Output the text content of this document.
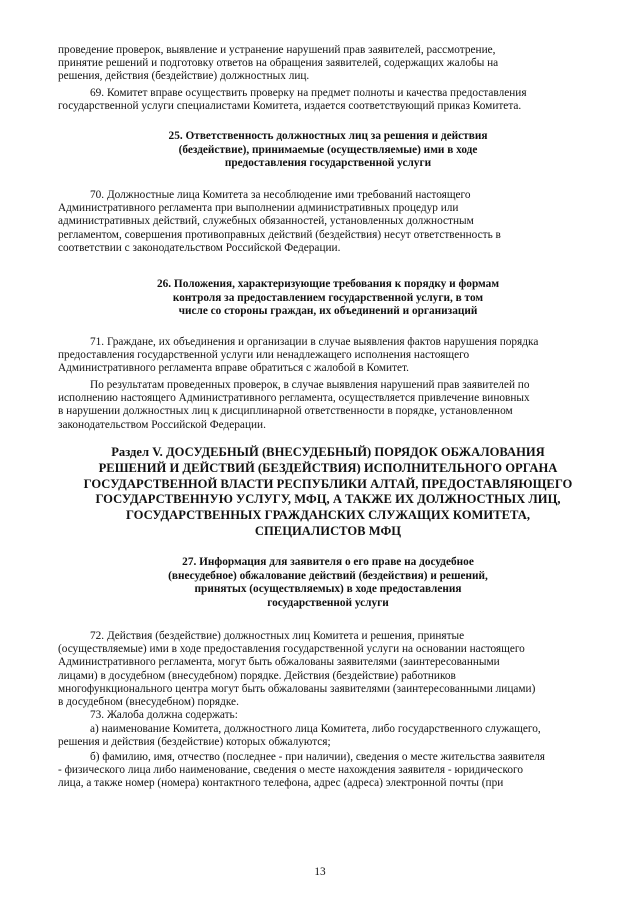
проведение проверок, выявление и устранение нарушений прав заявителей, рассмотрение,

принятие решений и подготовку ответов на обращения заявителей, содержащих жалобы на

решения, действия (бездействие) должностных лиц.

69. Комитет вправе осуществить проверку на предмет полноты и качества предоставления

государственной услуги специалистами Комитета, издается соответствующий приказ Комитета.

25. Ответственность должностных лиц за решения и действия
(бездействие), принимаемые (осуществляемые) ими в ходе
предоставления государственной услуги

70. Должностные лица Комитета за несоблюдение ими требований настоящего

Административного регламента при выполнении административных процедур или

административных действий, служебных обязанностей, установленных должностным

регламентом, совершения противоправных действий (бездействия) несут ответственность в

соответствии с законодательством Российской Федерации.

26. Положения, характеризующие требования к порядку и формам
контроля за предоставлением государственной услуги, в том
числе со стороны граждан, их объединений и организаций

71. Граждане, их объединения и организации в случае выявления фактов нарушения порядка

предоставления государственной услуги или ненадлежащего исполнения настоящего

Административного регламента вправе обратиться с жалобой в Комитет.

По результатам проведенных проверок, в случае выявления нарушений прав заявителей по

исполнению настоящего Административного регламента, осуществляется привлечение виновных

в нарушении должностных лиц к дисциплинарной ответственности в порядке, установленном

законодательством Российской Федерации.

Раздел V. ДОСУДЕБНЫЙ (ВНЕСУДЕБНЫЙ) ПОРЯДОК ОБЖАЛОВАНИЯ
РЕШЕНИЙ И ДЕЙСТВИЙ (БЕЗДЕЙСТВИЯ) ИСПОЛНИТЕЛЬНОГО ОРГАНА
ГОСУДАРСТВЕННОЙ ВЛАСТИ РЕСПУБЛИКИ АЛТАЙ, ПРЕДОСТАВЛЯЮЩЕГО
ГОСУДАРСТВЕННУЮ УСЛУГУ, МФЦ, А ТАКЖЕ ИХ ДОЛЖНОСТНЫХ ЛИЦ,
ГОСУДАРСТВЕННЫХ ГРАЖДАНСКИХ СЛУЖАЩИХ КОМИТЕТА,
СПЕЦИАЛИСТОВ МФЦ
27. Информация для заявителя о его праве на досудебное
(внесудебное) обжалование действий (бездействия) и решений,
принятых (осуществляемых) в ходе предоставления
государственной услуги

72. Действия (бездействие) должностных лиц Комитета и решения, принятые

(осуществляемые) ими в ходе предоставления государственной услуги на основании настоящего

Административного регламента, могут быть обжалованы заявителями (заинтересованными

лицами) в досудебном (внесудебном) порядке. Действия (бездействие) работников

многофункционального центра могут быть обжалованы заявителями (заинтересованными лицами)

в досудебном (внесудебном) порядке.

73. Жалоба должна содержать:

а) наименование Комитета, должностного лица Комитета, либо государственного служащего,

решения и действия (бездействие) которых обжалуются;

б) фамилию, имя, отчество (последнее - при наличии), сведения о месте жительства заявителя

- физического лица либо наименование, сведения о месте нахождения заявителя - юридического

лица, а также номер (номера) контактного телефона, адрес (адреса) электронной почты (при

13
